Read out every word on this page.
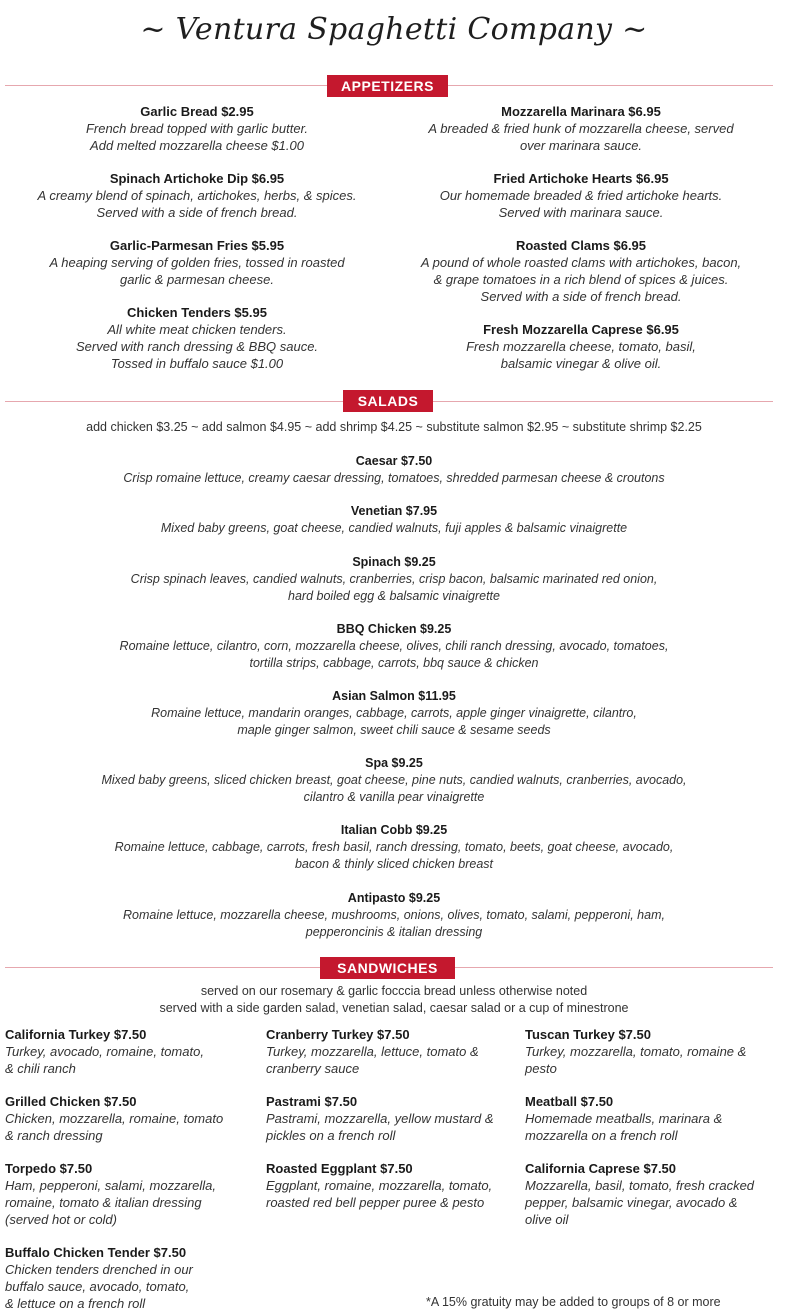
~ Ventura Spaghetti Company ~
APPETIZERS
Garlic Bread $2.95
French bread topped with garlic butter.
Add melted mozzarella cheese $1.00
Spinach Artichoke Dip $6.95
A creamy blend of spinach, artichokes, herbs, & spices.
Served with a side of french bread.
Garlic-Parmesan Fries $5.95
A heaping serving of golden fries, tossed in roasted
garlic & parmesan cheese.
Chicken Tenders $5.95
All white meat chicken tenders.
Served with ranch dressing & BBQ sauce.
Tossed in buffalo sauce $1.00
Mozzarella Marinara $6.95
A breaded & fried hunk of mozzarella cheese, served
over marinara sauce.
Fried Artichoke Hearts $6.95
Our homemade breaded & fried artichoke hearts.
Served with marinara sauce.
Roasted Clams $6.95
A pound of whole roasted clams with artichokes, bacon,
& grape tomatoes in a rich blend of spices & juices.
Served with a side of french bread.
Fresh Mozzarella Caprese $6.95
Fresh mozzarella cheese, tomato, basil,
balsamic vinegar & olive oil.
SALADS
add chicken $3.25 ~ add salmon $4.95 ~ add shrimp $4.25 ~ substitute salmon $2.95 ~ substitute shrimp $2.25
Caesar $7.50
Crisp romaine lettuce, creamy caesar dressing, tomatoes, shredded parmesan cheese & croutons
Venetian $7.95
Mixed baby greens, goat cheese, candied walnuts, fuji apples & balsamic vinaigrette
Spinach $9.25
Crisp spinach leaves, candied walnuts, cranberries, crisp bacon, balsamic marinated red onion,
hard boiled egg & balsamic vinaigrette
BBQ Chicken $9.25
Romaine lettuce, cilantro, corn, mozzarella cheese, olives, chili ranch dressing, avocado, tomatoes,
tortilla strips, cabbage, carrots, bbq sauce & chicken
Asian Salmon $11.95
Romaine lettuce, mandarin oranges, cabbage, carrots, apple ginger vinaigrette, cilantro,
maple ginger salmon, sweet chili sauce & sesame seeds
Spa $9.25
Mixed baby greens, sliced chicken breast, goat cheese, pine nuts, candied walnuts, cranberries, avocado,
cilantro & vanilla pear vinaigrette
Italian Cobb $9.25
Romaine lettuce, cabbage, carrots, fresh basil, ranch dressing, tomato, beets, goat cheese, avocado,
bacon & thinly sliced chicken breast
Antipasto $9.25
Romaine lettuce, mozzarella cheese, mushrooms, onions, olives, tomato, salami, pepperoni, ham,
pepperoncinis & italian dressing
SANDWICHES
served on our rosemary & garlic focccia bread unless otherwise noted
served with a side garden salad, venetian salad, caesar salad or a cup of minestrone
California Turkey $7.50
Turkey, avocado, romaine, tomato,
& chili ranch
Grilled Chicken $7.50
Chicken, mozzarella, romaine, tomato
& ranch dressing
Torpedo $7.50
Ham, pepperoni, salami, mozzarella,
romaine, tomato & italian dressing
(served hot or cold)
Buffalo Chicken Tender $7.50
Chicken tenders drenched in our
buffalo sauce, avocado, tomato,
& lettuce on a french roll
Cranberry Turkey $7.50
Turkey, mozzarella, lettuce, tomato &
cranberry sauce
Pastrami $7.50
Pastrami, mozzarella, yellow mustard &
pickles on a french roll
Roasted Eggplant $7.50
Eggplant, romaine, mozzarella, tomato,
roasted red bell pepper puree & pesto
Tuscan Turkey $7.50
Turkey, mozzarella, tomato, romaine &
pesto
Meatball $7.50
Homemade meatballs, marinara &
mozzarella on a french roll
California Caprese $7.50
Mozzarella, basil, tomato, fresh cracked
pepper, balsamic vinegar, avocado &
olive oil
*A 15% gratuity may be added to groups of 8 or more
